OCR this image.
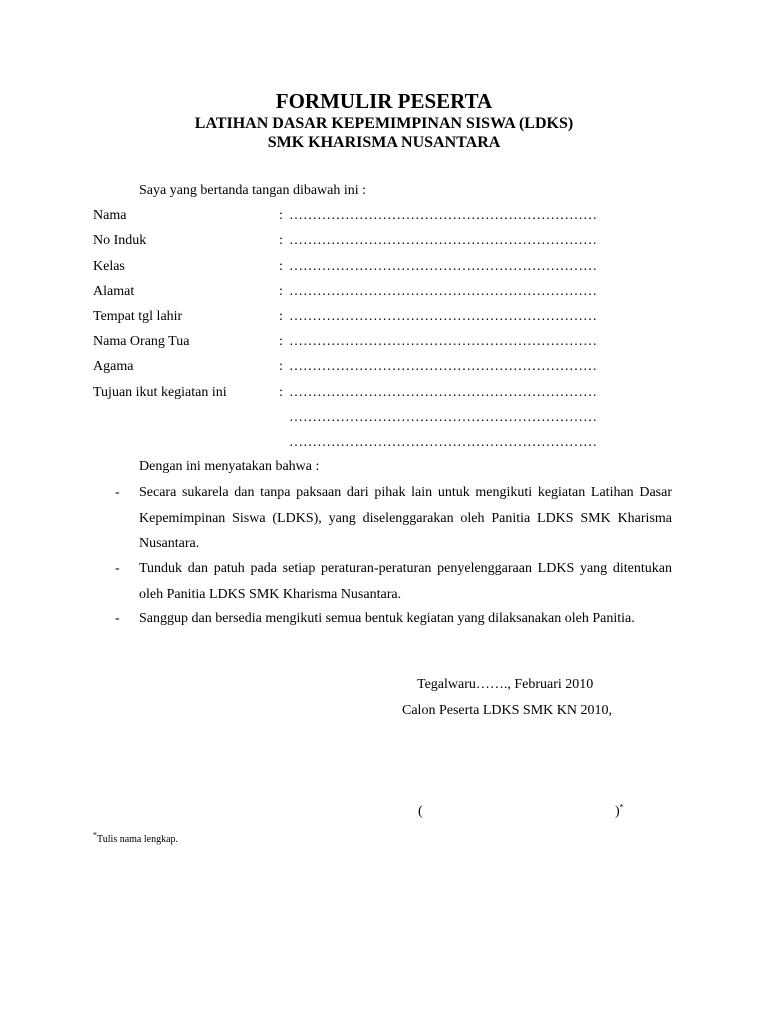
FORMULIR PESERTA
LATIHAN DASAR KEPEMIMPINAN SISWA (LDKS)
SMK KHARISMA NUSANTARA
Saya yang bertanda tangan dibawah ini :
Nama	: …………………………………………………………
No Induk	: …………………………………………………………
Kelas	: …………………………………………………………
Alamat	: …………………………………………………………
Tempat tgl lahir	: …………………………………………………………
Nama Orang Tua	: …………………………………………………………
Agama	: …………………………………………………………
Tujuan ikut kegiatan ini	: …………………………………………………………
…………………………………………………………
…………………………………………………………
Dengan ini menyatakan bahwa :
- Secara sukarela dan tanpa paksaan dari pihak lain untuk mengikuti kegiatan Latihan Dasar Kepemimpinan Siswa (LDKS), yang diselenggarakan oleh Panitia LDKS SMK Kharisma Nusantara.
- Tunduk dan patuh pada setiap peraturan-peraturan penyelenggaraan LDKS yang ditentukan oleh Panitia LDKS SMK Kharisma Nusantara.
- Sanggup dan bersedia mengikuti semua bentuk kegiatan yang dilaksanakan oleh Panitia.
Tegalwaru……., Februari 2010
Calon Peserta LDKS SMK KN 2010,
(	)*
*Tulis nama lengkap.
